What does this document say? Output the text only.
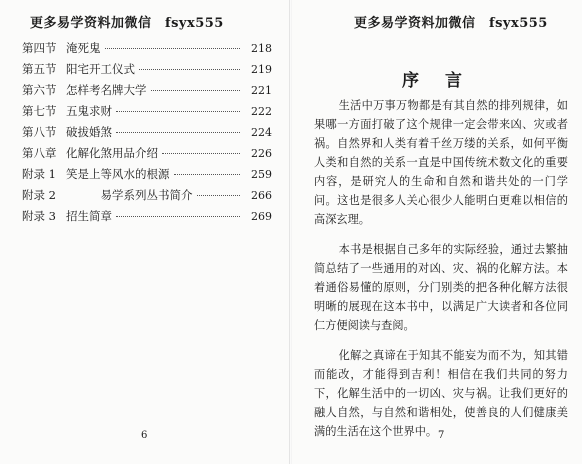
更多易学资料加微信　fsyx555
第四节 淹死鬼	218
第五节 阳宅开工仪式	219
第六节 怎样考名牌大学	221
第七节 五鬼求财	222
第八节 破拔婚煞	224
第八章 化解化煞用品介绍	226
附录 1 笑是上等风水的根源	259
附录 2 　　　易学系列丛书简介	266
附录 3 招生简章	269
6
更多易学资料加微信　fsyx555
序 言

生活中万事万物都是有其自然的排列规律，如果哪一方面打破了这个规律一定会带来凶、灾或者祸。自然界和人类有着千丝万缕的关系，如何平衡人类和自然的关系一直是中国传统术数文化的重要内容，是研究人的生命和自然和谐共处的一门学问。这也是很多人关心很少人能明白更难以相信的高深玄理。

本书是根据自己多年的实际经验，通过去繁抽简总结了一些通用的对凶、灾、祸的化解方法。本着通俗易懂的原则，分门别类的把各种化解方法很明晰的展现在这本书中，以满足广大读者和各位同仁方便阅读与查阅。

化解之真谛在于知其不能妄为而不为，知其错而能改，才能得到吉利！相信在我们共同的努力下，化解生活中的一切凶、灾与祸。让我们更好的融人自然，与自然和谐相处，使善良的人们健康美满的生活在这个世界中。 7
